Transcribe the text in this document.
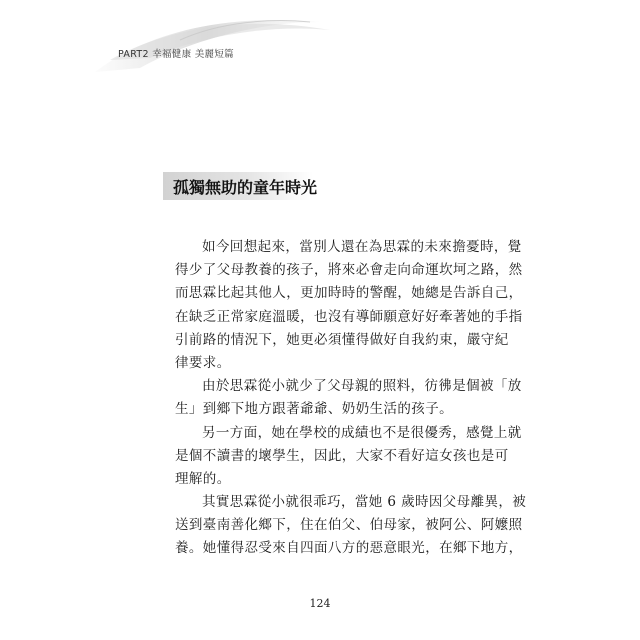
PART2 幸福健康 美麗短篇
孤獨無助的童年時光
如今回想起來，當別人還在為思霖的未來擔憂時，覺
得少了父母教養的孩子，將來必會走向命運坎坷之路，然
而思霖比起其他人，更加時時的警醒，她總是告訴自己，
在缺乏正常家庭溫暖，也沒有導師願意好好牽著她的手指
引前路的情況下，她更必須懂得做好自我約束，嚴守紀
律要求。
由於思霖從小就少了父母親的照料，彷彿是個被「放
生」到鄉下地方跟著爺爺、奶奶生活的孩子。
另一方面，她在學校的成績也不是很優秀，感覺上就
是個不讀書的壞學生，因此，大家不看好這女孩也是可
理解的。
其實思霖從小就很乖巧，當她 6 歲時因父母離異，被
送到臺南善化鄉下，住在伯父、伯母家，被阿公、阿嬤照
養。她懂得忍受來自四面八方的惡意眼光，在鄉下地方，
124
